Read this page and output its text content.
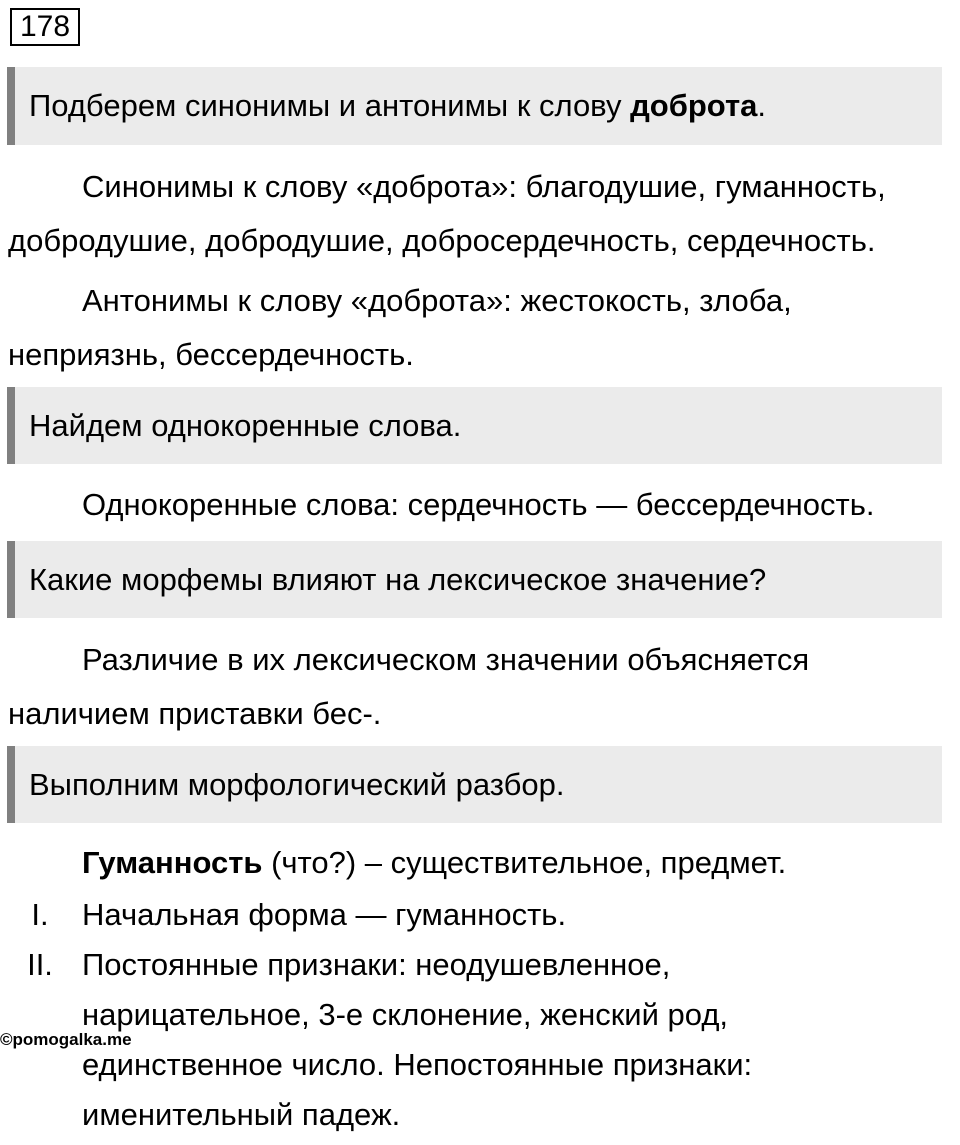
178
Подберем синонимы и антонимы к слову доброта.
Синонимы к слову «доброта»: благодушие, гуманность,
добродушие, добродушие, добросердечность, сердечность.
Антонимы к слову «доброта»: жестокость, злоба,
неприязнь, бессердечность.
Найдем однокоренные слова.
Однокоренные слова: сердечность — бессердечность.
Какие морфемы влияют на лексическое значение?
Различие в их лексическом значении объясняется
наличием приставки бес-.
Выполним морфологический разбор.
Гуманность (что?) – существительное, предмет.
I.	Начальная форма — гуманность.
II. Постоянные признаки: неодушевленное,
нарицательное, 3-е склонение, женский род,
единственное число. Непостоянные признаки:
именительный падеж.
©pomogalka.me
